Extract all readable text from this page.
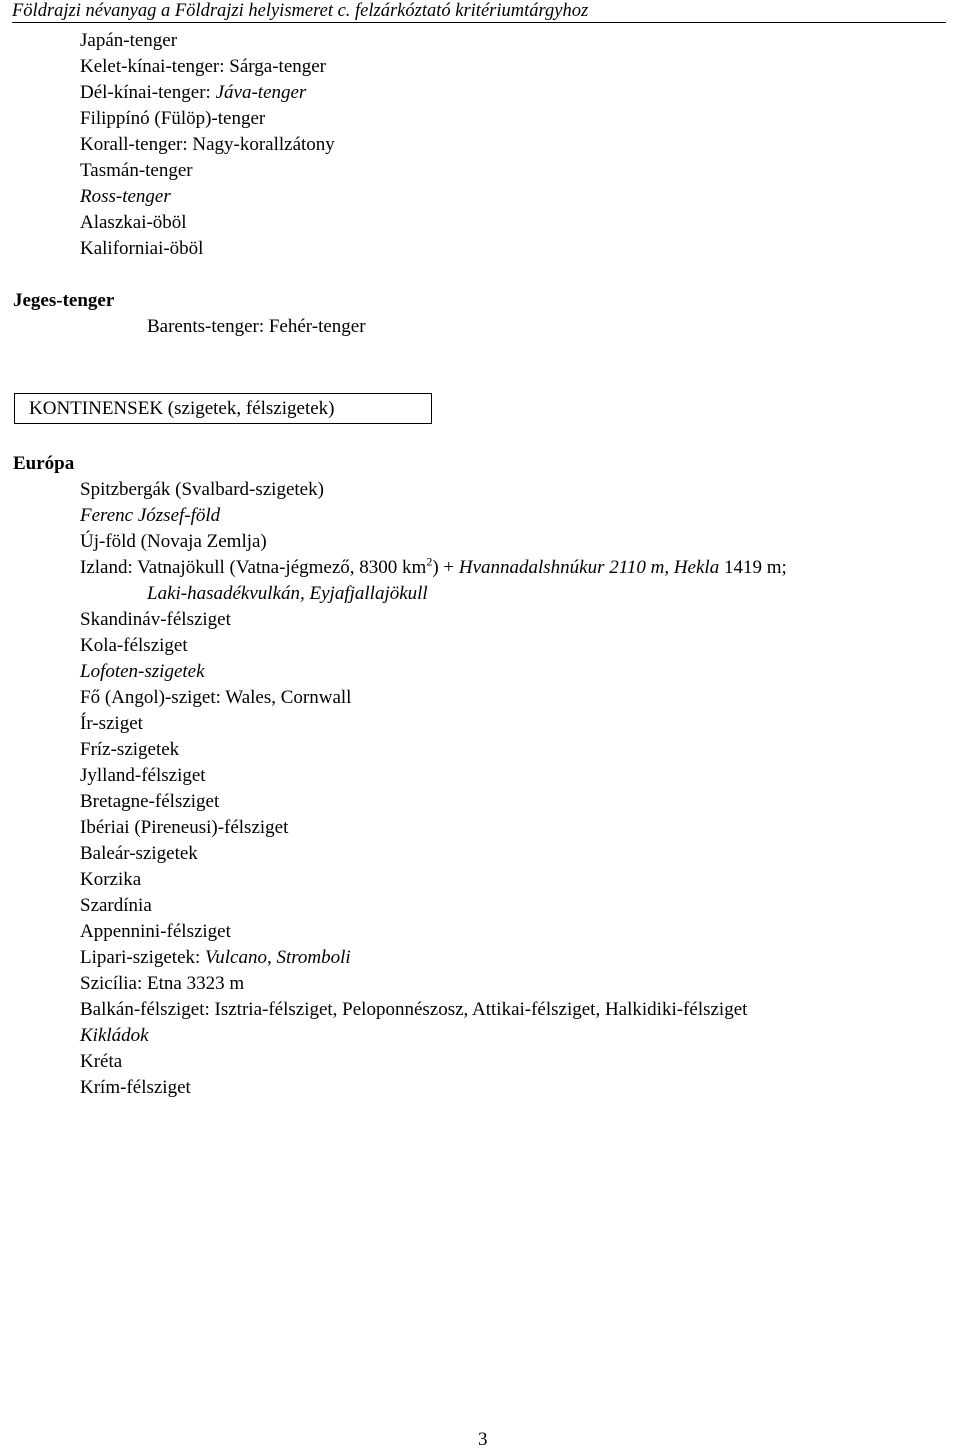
Földrajzi névanyag a Földrajzi helyismeret c. felzárkóztató kritériumtárgyhoz
Japán-tenger
Kelet-kínai-tenger: Sárga-tenger
Dél-kínai-tenger: Jáva-tenger
Filippínó (Fülöp)-tenger
Korall-tenger: Nagy-korallzátony
Tasmán-tenger
Ross-tenger
Alaszkai-öböl
Kaliforniai-öböl
Jeges-tenger
Barents-tenger: Fehér-tenger
KONTINENSEK (szigetek, félszigetek)
Európa
Spitzbergák (Svalbard-szigetek)
Ferenc József-föld
Új-föld (Novaja Zemlja)
Izland: Vatnajökull (Vatna-jégmező, 8300 $km^2$) + Hvannadalshnúkur 2110 m, Hekla 1419 m;
Laki-hasadékvulkán, Eyjafjallajökull
Skandináv-félsziget
Kola-félsziget
Lofoten-szigetek
Fő (Angol)-sziget: Wales, Cornwall
Ír-sziget
Fríz-szigetek
Jylland-félsziget
Bretagne-félsziget
Ibériai (Pireneusi)-félsziget
Baleár-szigetek
Korzika
Szardínia
Appennini-félsziget
Lipari-szigetek: Vulcano, Stromboli
Szicília: Etna 3323 m
Balkán-félsziget: Isztria-félsziget, Peloponnészosz, Attikai-félsziget, Halkidiki-félsziget
Kikládok
Kréta
Krím-félsziget
3
